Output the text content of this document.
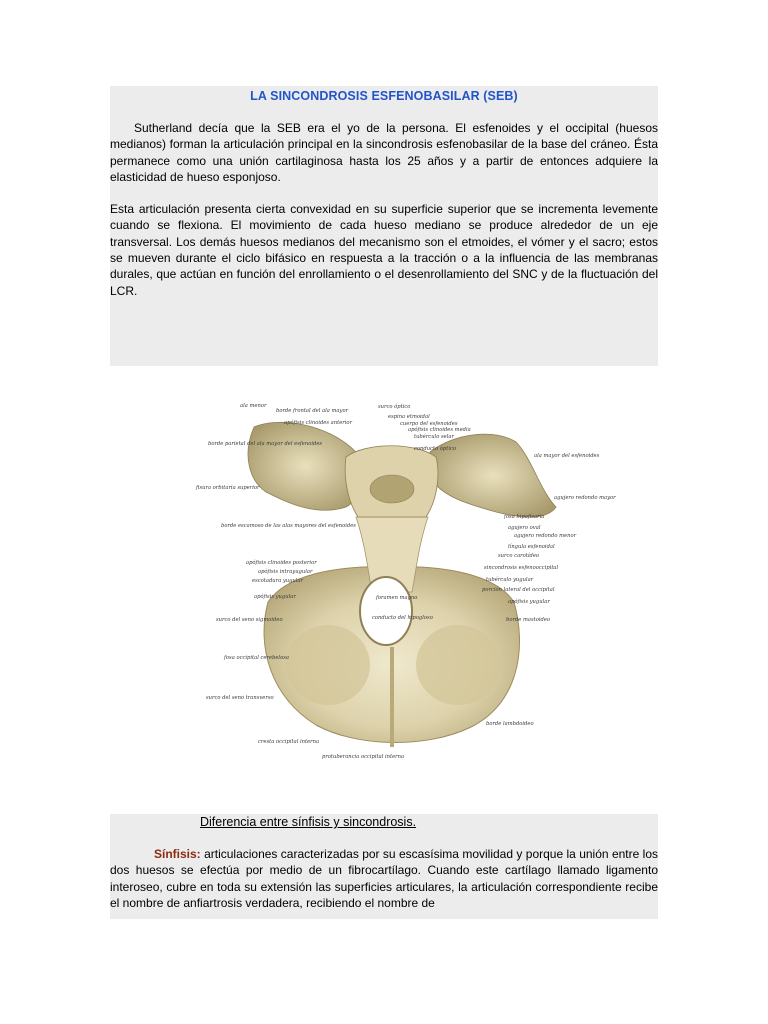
LA SINCONDROSIS ESFENOBASILAR (SEB)

Sutherland decía que la SEB era el yo de la persona. El esfenoides y el occipital (huesos medianos) forman la articulación principal en la sincondrosis esfenobasilar de la base del cráneo. Ésta permanece como una unión cartilaginosa hasta los 25 años y a partir de entonces adquiere la elasticidad de hueso esponjoso.

Esta articulación presenta cierta convexidad en su superficie superior que se incrementa levemente cuando se flexiona. El movimiento de cada hueso mediano se produce alrededor de un eje transversal. Los demás huesos medianos del mecanismo son el etmoides, el vómer y el sacro; estos se mueven durante el ciclo bifásico en respuesta a la tracción o a la influencia de las membranas durales, que actúan en función del enrollamiento o el desenrollamiento del SNC y de la fluctuación del LCR.

ala menor
borde frontal del ala mayor
apófisis clinoides anterior
borde parietal del ala mayor del esfenoides
fisura orbitaria superior
borde escamoso de las alas mayores del esfenoides
apófisis clinoides posterior
apófisis intrayugular
escotadura yugular
apófisis yugular
surco del seno sigmoideo
fosa occipital cerebelosa
surco del seno transverso
cresta occipital interna
protuberancia occipital interna
surco óptico
espina etmoidal
cuerpo del esfenoides
apófisis clinoides media
tubérculo selar
conducto óptico
ala mayor del esfenoides
agujero redondo mayor
fosa hipofisaria
agujero oval
agujero redondo menor
língula esfenoidal
surco carotídeo
sincondrosis esfenooccipital
tubérculo yugular
porción lateral del occipital
apófisis yugular
borde mastoideo
borde lambdoideo
foramen magno
conducto del hipogloso
Diferencia entre sínfisis y sincondrosis.

Sínfisis: articulaciones caracterizadas por su escasísima movilidad y porque la unión entre los dos huesos se efectúa por medio de un fibrocartílago. Cuando este cartílago llamado ligamento interoseo, cubre en toda su extensión las superficies articulares, la articulación correspondiente recibe el nombre de anfiartrosis verdadera, recibiendo el nombre de
